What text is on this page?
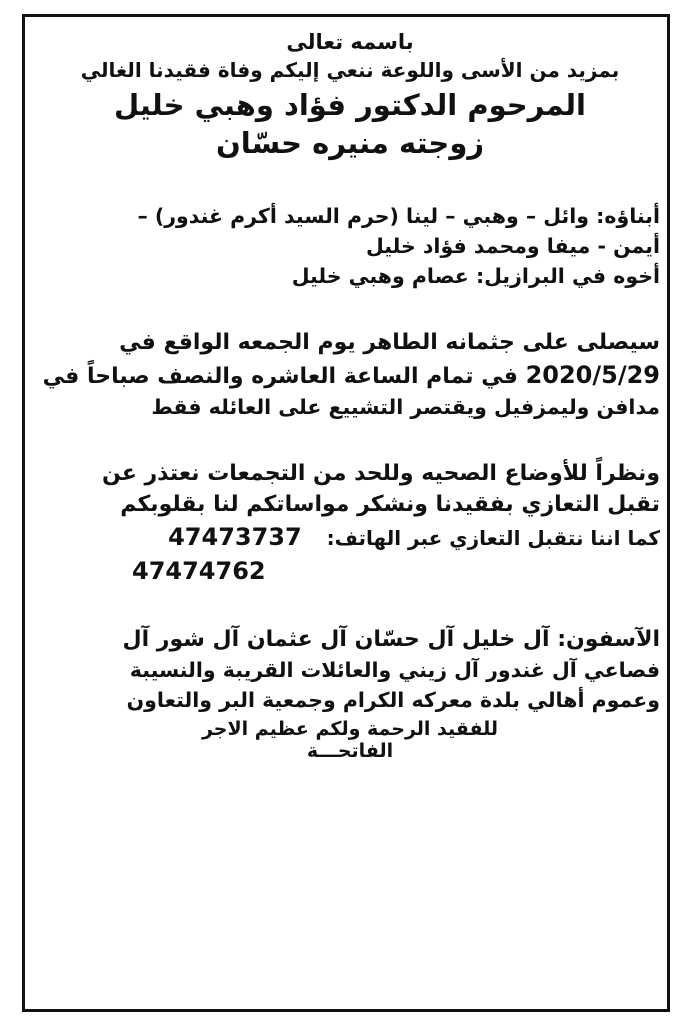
باسمه تعالى
بمزيد من الأسى واللوعة ننعي إليكم وفاة فقيدنا الغالي
المرحوم الدكتور فؤاد وهبي خليل
زوجته منيره حسّان
أبناؤه: وائل – وهبي – لينا (حرم السيد أكرم غندور) –
أيمن - ميفا ومحمد فؤاد خليل
أخوه في البرازيل: عصام وهبي خليل
سيصلى على جثمانه الطاهر يوم الجمعه الواقع في
2020/5/29 في تمام الساعة العاشره والنصف صباحاً في
مدافن وليمزفيل ويقتصر التشييع على العائله فقط
ونظراً للأوضاع الصحيه وللحد من التجمعات نعتذر عن
تقبل التعازي بفقيدنا ونشكر مواساتكم لنا بقلوبكم
كما اننا نتقبل التعازي عبر الهاتف: 47473737
47474762
الآسفون: آل خليل آل حسّان آل عثمان آل شور آل
فصاعي آل غندور آل زيني والعائلات القريبة والنسيبة
وعموم أهالي بلدة معركه الكرام وجمعية البر والتعاون
للفقيد الرحمة ولكم عظيم الاجر
الفاتحـــة
